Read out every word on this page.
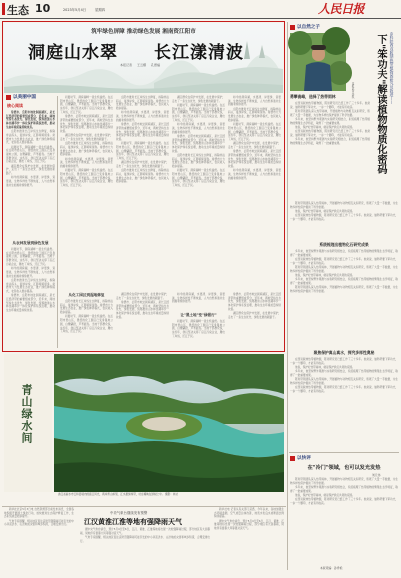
生态 10	2023年5月4日	星期四	人民日报
筑牢绿色屏障 推动绿色发展 湘南资江阳市
洞庭山水翠 长江漾清波
本报记者 王云娜 孔德福
以美丽中国
核心阅读

常德市、岳阳市地处洞庭湖区，是长江经济带的重要组成部分，近年来，两地坚持生态优先、绿色发展，统筹推进山水林田湖草沙一体化保护和系统治理，推动生态环境质量持续改善。

岳阳市推进长江岸线生态修复，拆除非法码头，复绿岸线，江豚频频现身。常德市大力发展生态农业，推广绿色种养模式，农民收入稳步提高。

初夏时节，洞庭湖畔一派生机盎然。在岳阳市君山区，曾经的化工园区已变身湿地公园，白鹭翩跹，芦苇摇曳。当地干部群众说，这些年，我们坚决关停了沿江污染企业，腾出了岸线，还江于民。

湖区群众在保护中发展，在发展中保护，走出了一条生态优先、绿色发展的新路子。

如今的洞庭湖，水更清、岸更绿、景更美，生物多样性不断恢复，人与自然和谐共生的画卷徐徐展开。

从农林发展到绿色发展

初夏时节，洞庭湖畔一派生机盎然。在岳阳市君山区，曾经的化工园区已变身湿地公园，白鹭翩跹，芦苇摇曳。当地干部群众说，这些年，我们坚决关停了沿江污染企业，腾出了岸线，还江于民。

如今的洞庭湖，水更清、岸更绿、景更美，生物多样性不断恢复，人与自然和谐共生的画卷徐徐展开。

岳阳市推进长江岸线生态修复，拆除非法码头，复绿岸线，江豚频频现身。常德市大力发展生态农业，推广绿色种养模式，农民收入稳步提高。

常德市、岳阳市地处洞庭湖区，是长江经济带的重要组成部分，近年来，两地坚持生态优先、绿色发展，统筹推进山水林田湖草沙一体化保护和系统治理，推动生态环境质量持续改善。

初夏时节，洞庭湖畔一派生机盎然。在岳阳市君山区，曾经的化工园区已变身湿地公园，白鹭翩跹，芦苇摇曳。当地干部群众说，这些年，我们坚决关停了沿江污染企业，腾出了岸线，还江于民。

常德市、岳阳市地处洞庭湖区，是长江经济带的重要组成部分，近年来，两地坚持生态优先、绿色发展，统筹推进山水林田湖草沙一体化保护和系统治理，推动生态环境质量持续改善。

湖区群众在保护中发展，在发展中保护，走出了一条生态优先、绿色发展的新路子。

岳阳市推进长江岸线生态修复，拆除非法码头，复绿岸线，江豚频频现身。常德市大力发展生态农业，推广绿色种养模式，农民收入稳步提高。

如今的洞庭湖，水更清、岸更绿、景更美，生物多样性不断恢复，人与自然和谐共生的画卷徐徐展开。

初夏时节，洞庭湖畔一派生机盎然。在岳阳市君山区，曾经的化工园区已变身湿地公园，白鹭翩跹，芦苇摇曳。当地干部群众说，这些年，我们坚决关停了沿江污染企业，腾出了岸线，还江于民。

岳阳市推进长江岸线生态修复，拆除非法码头，复绿岸线，江豚频频现身。常德市大力发展生态农业，推广绿色种养模式，农民收入稳步提高。

如今的洞庭湖，水更清、岸更绿、景更美，生物多样性不断恢复，人与自然和谐共生的画卷徐徐展开。

常德市、岳阳市地处洞庭湖区，是长江经济带的重要组成部分，近年来，两地坚持生态优先、绿色发展，统筹推进山水林田湖草沙一体化保护和系统治理，推动生态环境质量持续改善。

初夏时节，洞庭湖畔一派生机盎然。在岳阳市君山区，曾经的化工园区已变身湿地公园，白鹭翩跹，芦苇摇曳。当地干部群众说，这些年，我们坚决关停了沿江污染企业，腾出了岸线，还江于民。

湖区群众在保护中发展，在发展中保护，走出了一条生态优先、绿色发展的新路子。

岳阳市推进长江岸线生态修复，拆除非法码头，复绿岸线，江豚频频现身。常德市大力发展生态农业，推广绿色种养模式，农民收入稳步提高。

湖区群众在保护中发展，在发展中保护，走出了一条生态优先、绿色发展的新路子。

初夏时节，洞庭湖畔一派生机盎然。在岳阳市君山区，曾经的化工园区已变身湿地公园，白鹭翩跹，芦苇摇曳。当地干部群众说，这些年，我们坚决关停了沿江污染企业，腾出了岸线，还江于民。

如今的洞庭湖，水更清、岸更绿、景更美，生物多样性不断恢复，人与自然和谐共生的画卷徐徐展开。

常德市、岳阳市地处洞庭湖区，是长江经济带的重要组成部分，近年来，两地坚持生态优先、绿色发展，统筹推进山水林田湖草沙一体化保护和系统治理，推动生态环境质量持续改善。

岳阳市推进长江岸线生态修复，拆除非法码头，复绿岸线，江豚频频现身。常德市大力发展生态农业，推广绿色种养模式，农民收入稳步提高。

初夏时节，洞庭湖畔一派生机盎然。在岳阳市君山区，曾经的化工园区已变身湿地公园，白鹭翩跹，芦苇摇曳。当地干部群众说，这些年，我们坚决关停了沿江污染企业，腾出了岸线，还江于民。

如今的洞庭湖，水更清、岸更绿、景更美，生物多样性不断恢复，人与自然和谐共生的画卷徐徐展开。

岳阳市推进长江岸线生态修复，拆除非法码头，复绿岸线，江豚频频现身。常德市大力发展生态农业，推广绿色种养模式，农民收入稳步提高。

初夏时节，洞庭湖畔一派生机盎然。在岳阳市君山区，曾经的化工园区已变身湿地公园，白鹭翩跹，芦苇摇曳。当地干部群众说，这些年，我们坚决关停了沿江污染企业，腾出了岸线，还江于民。

湖区群众在保护中发展，在发展中保护，走出了一条生态优先、绿色发展的新路子。

常德市、岳阳市地处洞庭湖区，是长江经济带的重要组成部分，近年来，两地坚持生态优先、绿色发展，统筹推进山水林田湖草沙一体化保护和系统治理，推动生态环境质量持续改善。

如今的洞庭湖，水更清、岸更绿、景更美，生物多样性不断恢复，人与自然和谐共生的画卷徐徐展开。

从化工园区到湿地修复

岳阳市推进长江岸线生态修复，拆除非法码头，复绿岸线，江豚频频现身。常德市大力发展生态农业，推广绿色种养模式，农民收入稳步提高。

初夏时节，洞庭湖畔一派生机盎然。在岳阳市君山区，曾经的化工园区已变身湿地公园，白鹭翩跹，芦苇摇曳。当地干部群众说，这些年，我们坚决关停了沿江污染企业，腾出了岸线，还江于民。

湖区群众在保护中发展，在发展中保护，走出了一条生态优先、绿色发展的新路子。

常德市、岳阳市地处洞庭湖区，是长江经济带的重要组成部分，近年来，两地坚持生态优先、绿色发展，统筹推进山水林田湖草沙一体化保护和系统治理，推动生态环境质量持续改善。

让"黑土地"变"绿银行"

如今的洞庭湖，水更清、岸更绿、景更美，生物多样性不断恢复，人与自然和谐共生的画卷徐徐展开。

初夏时节，洞庭湖畔一派生机盎然。在岳阳市君山区，曾经的化工园区已变身湿地公园，白鹭翩跹，芦苇摇曳。当地干部群众说，这些年，我们坚决关停了沿江污染企业，腾出了岸线，还江于民。

常德市、岳阳市地处洞庭湖区，是长江经济带的重要组成部分，近年来，两地坚持生态优先、绿色发展，统筹推进山水林田湖草沙一体化保护和系统治理，推动生态环境质量持续改善。

湖区群众在保护中发展，在发展中保护，走出了一条生态优先、绿色发展的新路子。

以自然之子
中科院西双版纳热带植物园研究员陈进——
下"笨功夫"解读植物物质化密码
本报记者 李纵
勇攀高峰，选择了热带雨林

在西双版纳热带植物园，陈进研究员已经工作了三十多年。他常说，做科研要下笨功夫，一步一个脚印，才能有所收获。

陈进带领团队深入热带雨林，开展植物与动物相互关系研究，积累了大量一手数据，为生物多样性保护提供了科学依据。

多年来，他坚持野外观测与实验研究相结合，系统梳理了热带植物的繁殖生态学特征，取得了一批重要成果。

他说，保护好热带雨林，就是保护我们共同的家园。

在西双版纳热带植物园，陈进研究员已经工作了三十多年。他常说，做科研要下笨功夫，一步一个脚印，才能有所收获。

多年来，他坚持野外观测与实验研究相结合，系统梳理了热带植物的繁殖生态学特征，取得了一批重要成果。

陈进带领团队深入热带雨林，开展植物与动物相互关系研究，积累了大量一手数据，为生物多样性保护提供了科学依据。

他说，保护好热带雨林，就是保护我们共同的家园。

在西双版纳热带植物园，陈进研究员已经工作了三十多年。他常说，做科研要下笨功夫，一步一个脚印，才能有所收获。

系统梳理出植物化石研究成果

多年来，他坚持野外观测与实验研究相结合，系统梳理了热带植物的繁殖生态学特征，取得了一批重要成果。

在西双版纳热带植物园，陈进研究员已经工作了三十多年。他常说，做科研要下笨功夫，一步一个脚印，才能有所收获。

陈进带领团队深入热带雨林，开展植物与动物相互关系研究，积累了大量一手数据，为生物多样性保护提供了科学依据。

他说，保护好热带雨林，就是保护我们共同的家园。

多年来，他坚持野外观测与实验研究相结合，系统梳理了热带植物的繁殖生态学特征，取得了一批重要成果。

陈进带领团队深入热带雨林，开展植物与动物相互关系研究，积累了大量一手数据，为生物多样性保护提供了科学依据。

聚焦保护真山真水，探究多样性奥秘

在西双版纳热带植物园，陈进研究员已经工作了三十多年。他常说，做科研要下笨功夫，一步一个脚印，才能有所收获。

他说，保护好热带雨林，就是保护我们共同的家园。

多年来，他坚持野外观测与实验研究相结合，系统梳理了热带植物的繁殖生态学特征，取得了一批重要成果。

陈进带领团队深入热带雨林，开展植物与动物相互关系研究，积累了大量一手数据，为生物多样性保护提供了科学依据。

在西双版纳热带植物园，陈进研究员已经工作了三十多年。他常说，做科研要下笨功夫，一步一个脚印，才能有所收获。

以快评
在"冷门"领域，也可以发光发热
刘元伟

陈进带领团队深入热带雨林，开展植物与动物相互关系研究，积累了大量一手数据，为生物多样性保护提供了科学依据。

多年来，他坚持野外观测与实验研究相结合，系统梳理了热带植物的繁殖生态学特征，取得了一批重要成果。

他说，保护好热带雨林，就是保护我们共同的家园。

在西双版纳热带植物园，陈进研究员已经工作了三十多年。他常说，做科研要下笨功夫，一步一个脚印，才能有所收获。

青山绿水间
浙江省丽水市云和县境内的瓯江风光，两岸青山如黛，江水碧绿如带，村庄掩映在绿树之中。 摄影：林达

新华社北京5月3日电 自然资源部日前发布消息，全国各地积极开展国土绿化行动，加快推进生态保护修复工作，生态系统质量稳步提升。

气象专家提醒，相关地区需注意防范强降雨可能引发的中小河流洪水、山洪地质灾害和城乡积涝，合理安排出行。

中央气象台继续发布预警
江汉黄淮江淮等地有强降雨天气

据中央气象台消息，预计5月4日至6日，江汉、黄淮、江淮等地将出现一次较强降雨过程，部分地区有大到暴雨，局地伴有雷暴大风等强对流天气。

气象专家提醒，相关地区需注意防范强降雨可能引发的中小河流洪水、山洪地质灾害和城乡积涝，合理安排出行。

新华社电 记者从有关部门获悉，今年以来，各地加强生态环境监测，空气质量总体改善，地表水优良水质断面比例持续提高。

据中央气象台消息，预计5月4日至6日，江汉、黄淮、江淮等地将出现一次较强降雨过程，部分地区有大到暴雨，局地伴有雷暴大风等强对流天气。

本版责编：孙秀艳
